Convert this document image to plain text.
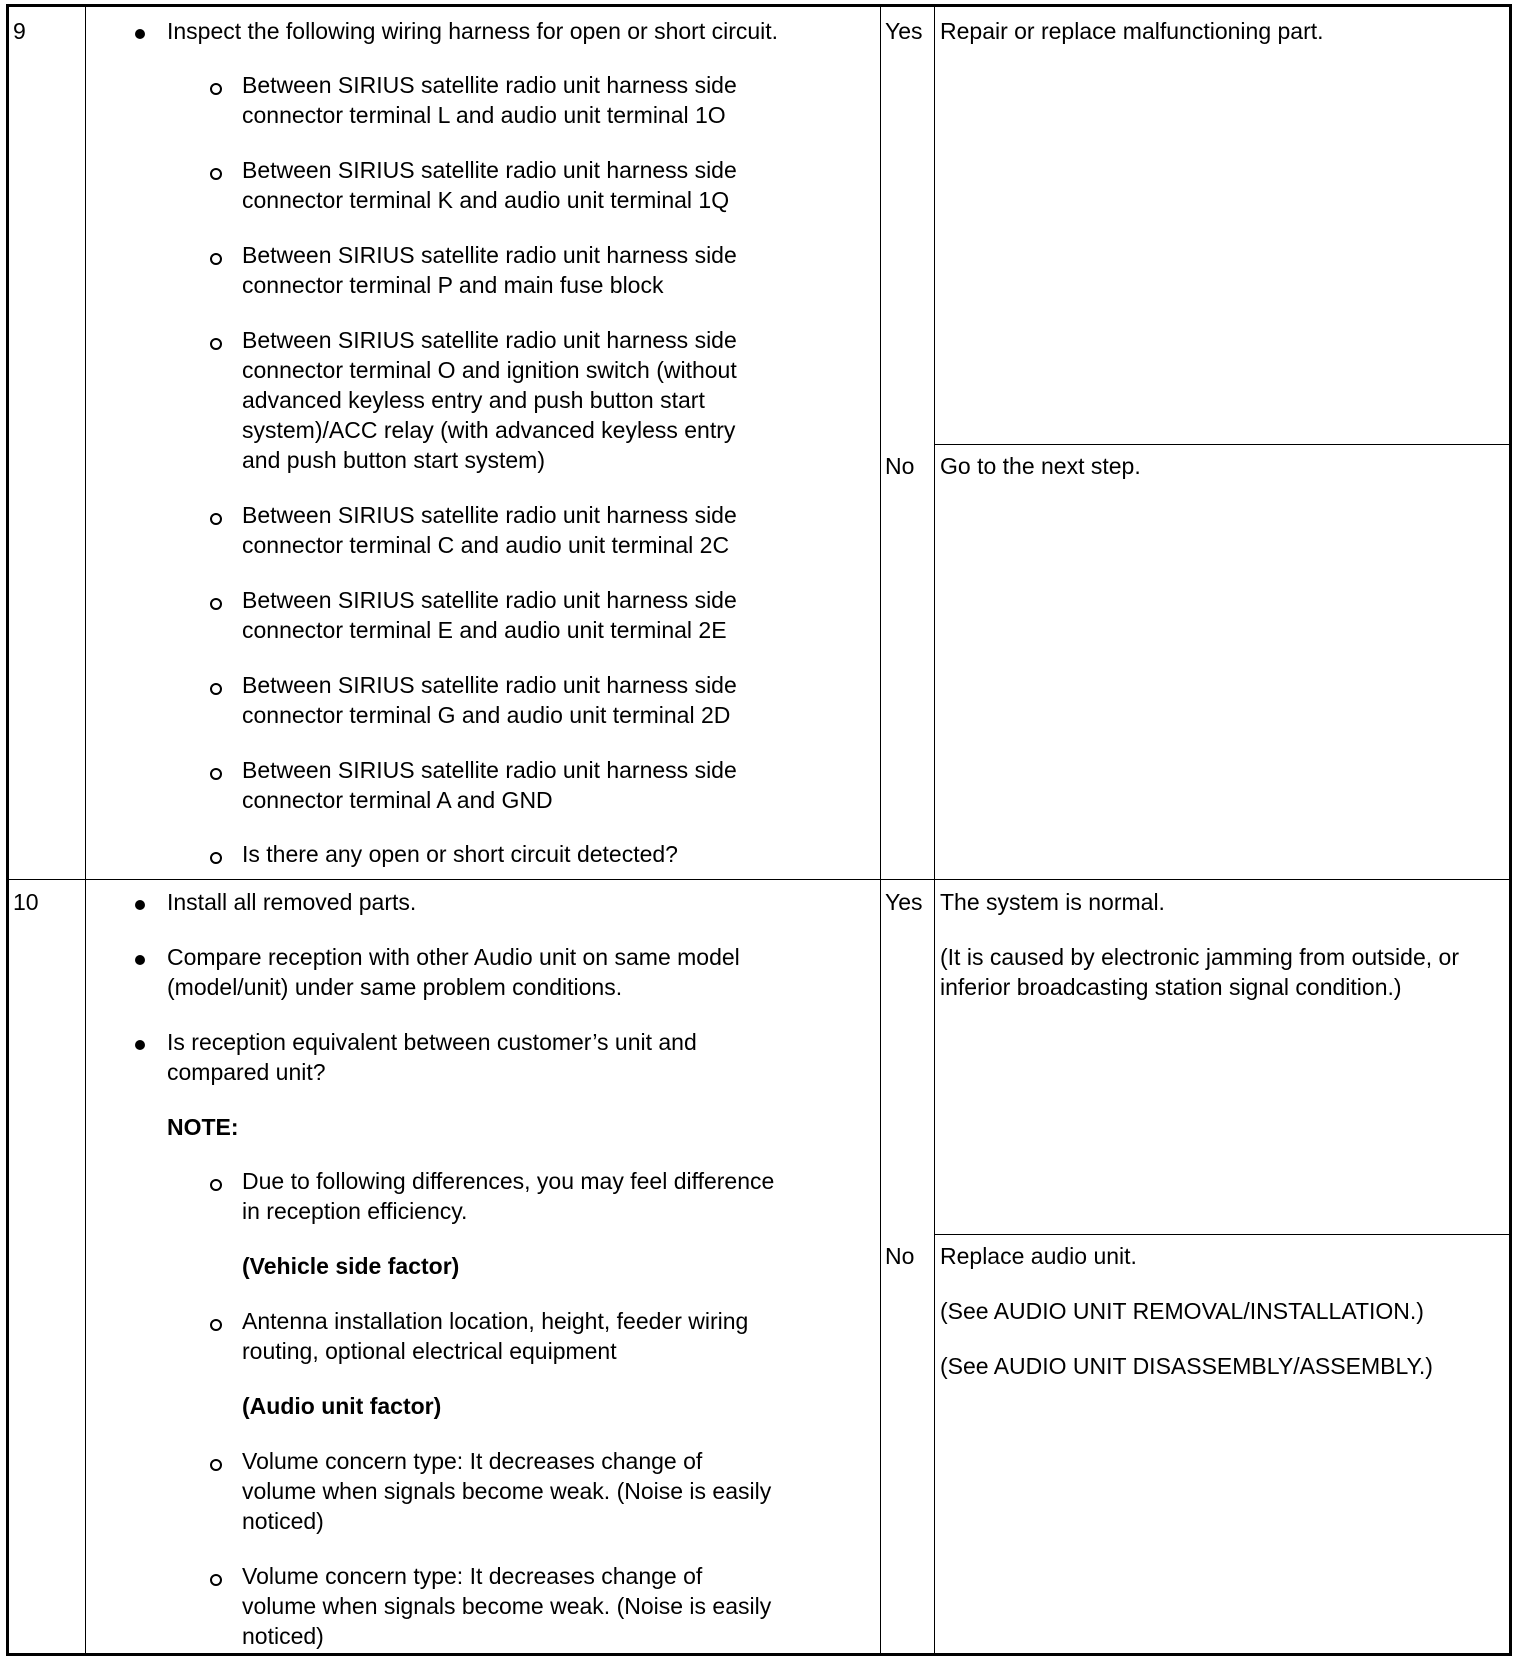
9	Inspect the following wiring harness for open or short circuit.
Between SIRIUS satellite radio unit harness side
connector terminal L and audio unit terminal 1O
Between SIRIUS satellite radio unit harness side
connector terminal K and audio unit terminal 1Q
Between SIRIUS satellite radio unit harness side
connector terminal P and main fuse block
Between SIRIUS satellite radio unit harness side
connector terminal O and ignition switch (without
advanced keyless entry and push button start
system)/ACC relay (with advanced keyless entry
and push button start system)
Between SIRIUS satellite radio unit harness side
connector terminal C and audio unit terminal 2C
Between SIRIUS satellite radio unit harness side
connector terminal E and audio unit terminal 2E
Between SIRIUS satellite radio unit harness side
connector terminal G and audio unit terminal 2D
Between SIRIUS satellite radio unit harness side
connector terminal A and GND
Is there any open or short circuit detected?
Yes Repair or replace malfunctioning part.
No Go to the next step.
10	Install all removed parts.
Compare reception with other Audio unit on same model
(model/unit) under same problem conditions.
Is reception equivalent between customer’s unit and
compared unit?
NOTE:
Due to following differences, you may feel difference
in reception efficiency.
(Vehicle side factor)
Antenna installation location, height, feeder wiring
routing, optional electrical equipment
(Audio unit factor)
Volume concern type: It decreases change of
volume when signals become weak. (Noise is easily
noticed)
Volume concern type: It decreases change of
volume when signals become weak. (Noise is easily
noticed)
Yes The system is normal.
(It is caused by electronic jamming from outside, or
inferior broadcasting station signal condition.)
No Replace audio unit.
(See AUDIO UNIT REMOVAL/INSTALLATION.)
(See AUDIO UNIT DISASSEMBLY/ASSEMBLY.)
